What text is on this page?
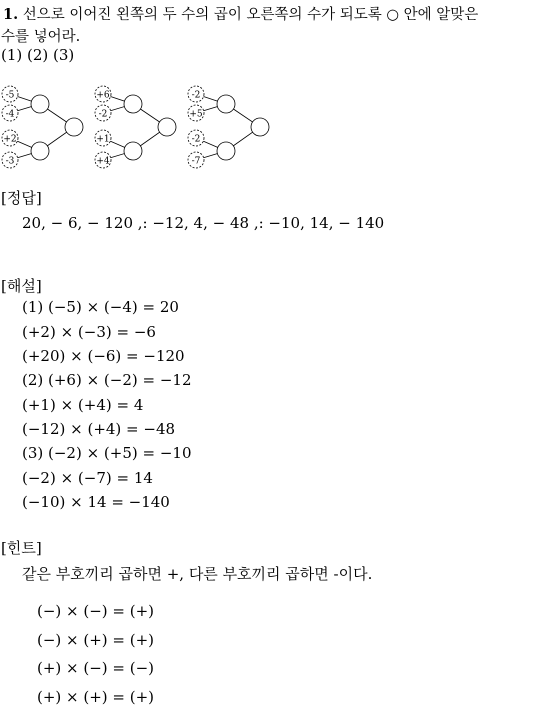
1. 선으로 이어진 왼쪽의 두 수의 곱이 오른쪽의 수가 되도록 ○ 안에 알맞은
수를 넣어라.
(1) (2) (3)
-5
-4
+2
-3
+6
-2
+1
+4
-2
+5
-2
-7
[정답]
20, − 6, − 120 ,: −12, 4, − 48 ,: −10, 14, − 140
[해설]
(1) (−5) × (−4) = 20
(+2) × (−3) = −6
(+20) × (−6) = −120
(2) (+6) × (−2) = −12
(+1) × (+4) = 4
(−12) × (+4) = −48
(3) (−2) × (+5) = −10
(−2) × (−7) = 14
(−10) × 14 = −140
[힌트]
같은 부호끼리 곱하면 +, 다른 부호끼리 곱하면 -이다.
(−) × (−) = (+)
(−) × (+) = (+)
(+) × (−) = (−)
(+) × (+) = (+)
